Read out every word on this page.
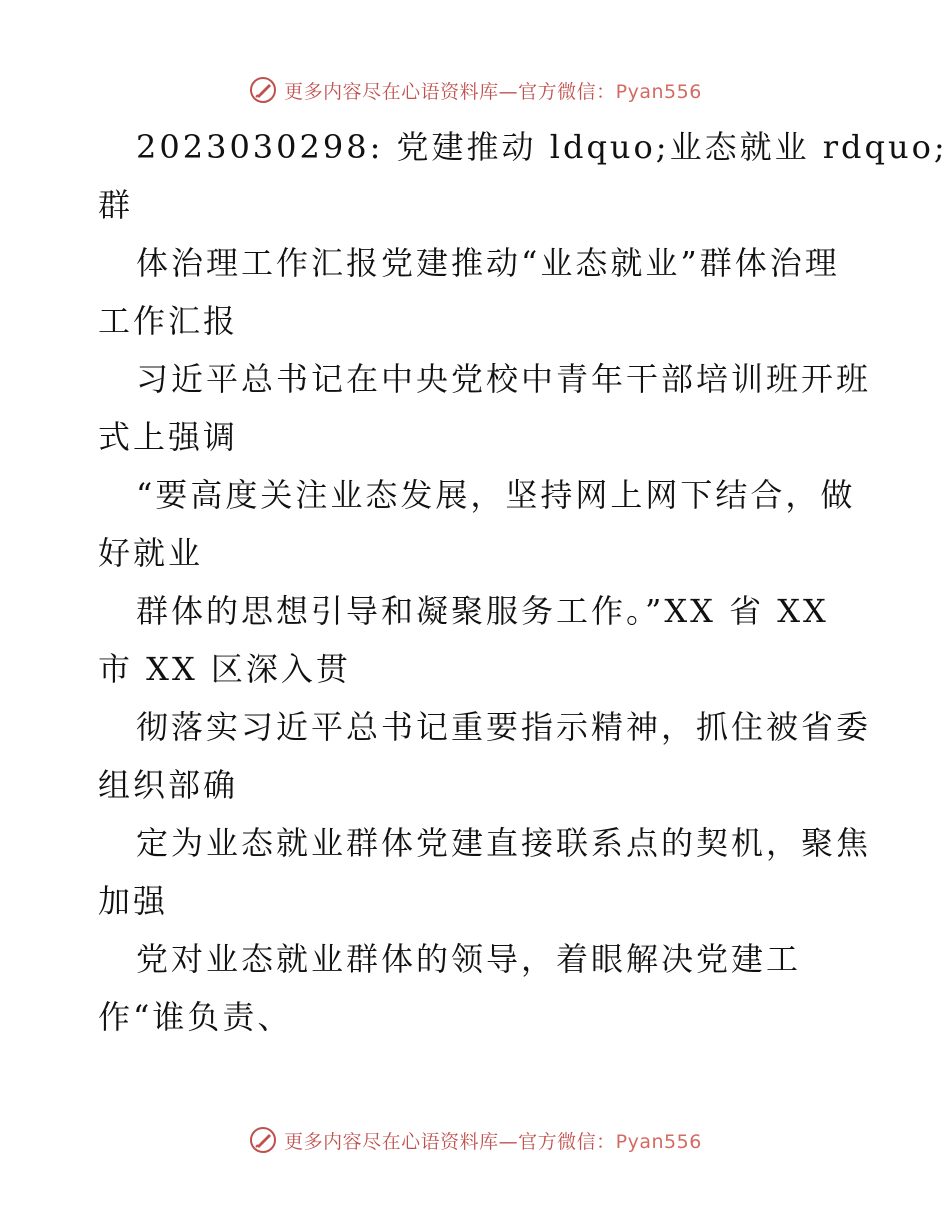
更多内容尽在心语资料库—官方微信：Pyan556
2023030298: 党建推动 ldquo;业态就业 rdquo;
群
体治理工作汇报党建推动“业态就业”群体治理
工作汇报
习近平总书记在中央党校中青年干部培训班开班
式上强调
“要高度关注业态发展，坚持网上网下结合，做
好就业
群体的思想引导和凝聚服务工作。”XX 省 XX
市 XX 区深入贯
彻落实习近平总书记重要指示精神，抓住被省委
组织部确
定为业态就业群体党建直接联系点的契机，聚焦
加强
党对业态就业群体的领导，着眼解决党建工
作“谁负责、
更多内容尽在心语资料库—官方微信：Pyan556
